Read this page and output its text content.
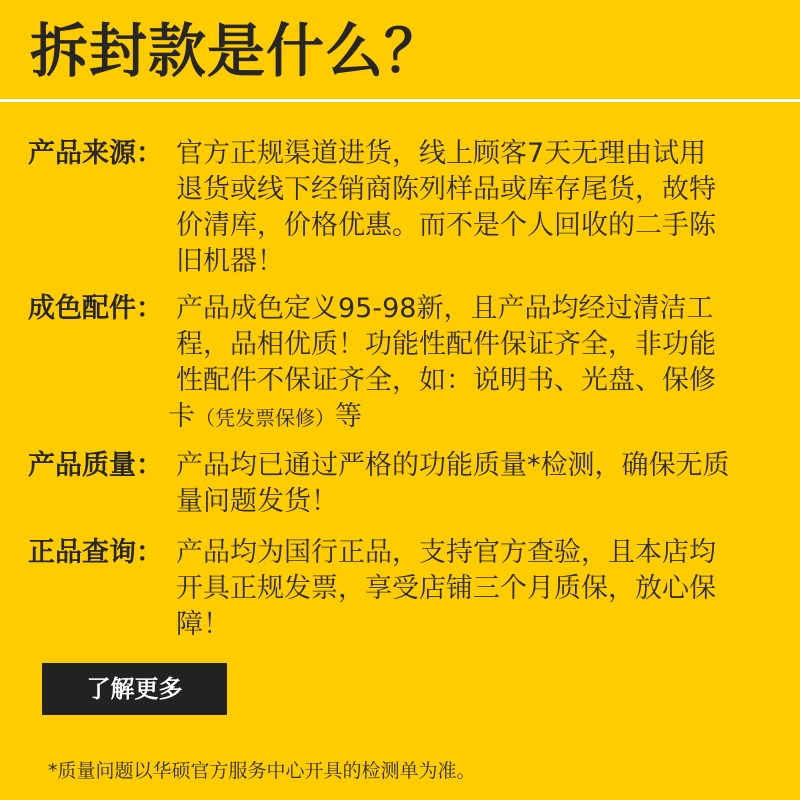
拆封款是什么？
产品来源： 官方正规渠道进货，线上顾客7天无理由试用
退货或线下经销商陈列样品或库存尾货，故特
价清库，价格优惠。而不是个人回收的二手陈
旧机器！
成色配件： 产品成色定义95-98新，且产品均经过清洁工
程，品相优质！功能性配件保证齐全，非功能
性配件不保证齐全，如：说明书、光盘、保修
卡（凭发票保修）等
产品质量： 产品均已通过严格的功能质量*检测，确保无质
量问题发货！
正品查询： 产品均为国行正品，支持官方查验，且本店均
开具正规发票，享受店铺三个月质保，放心保
障！
了解更多
*质量问题以华硕官方服务中心开具的检测单为准。
